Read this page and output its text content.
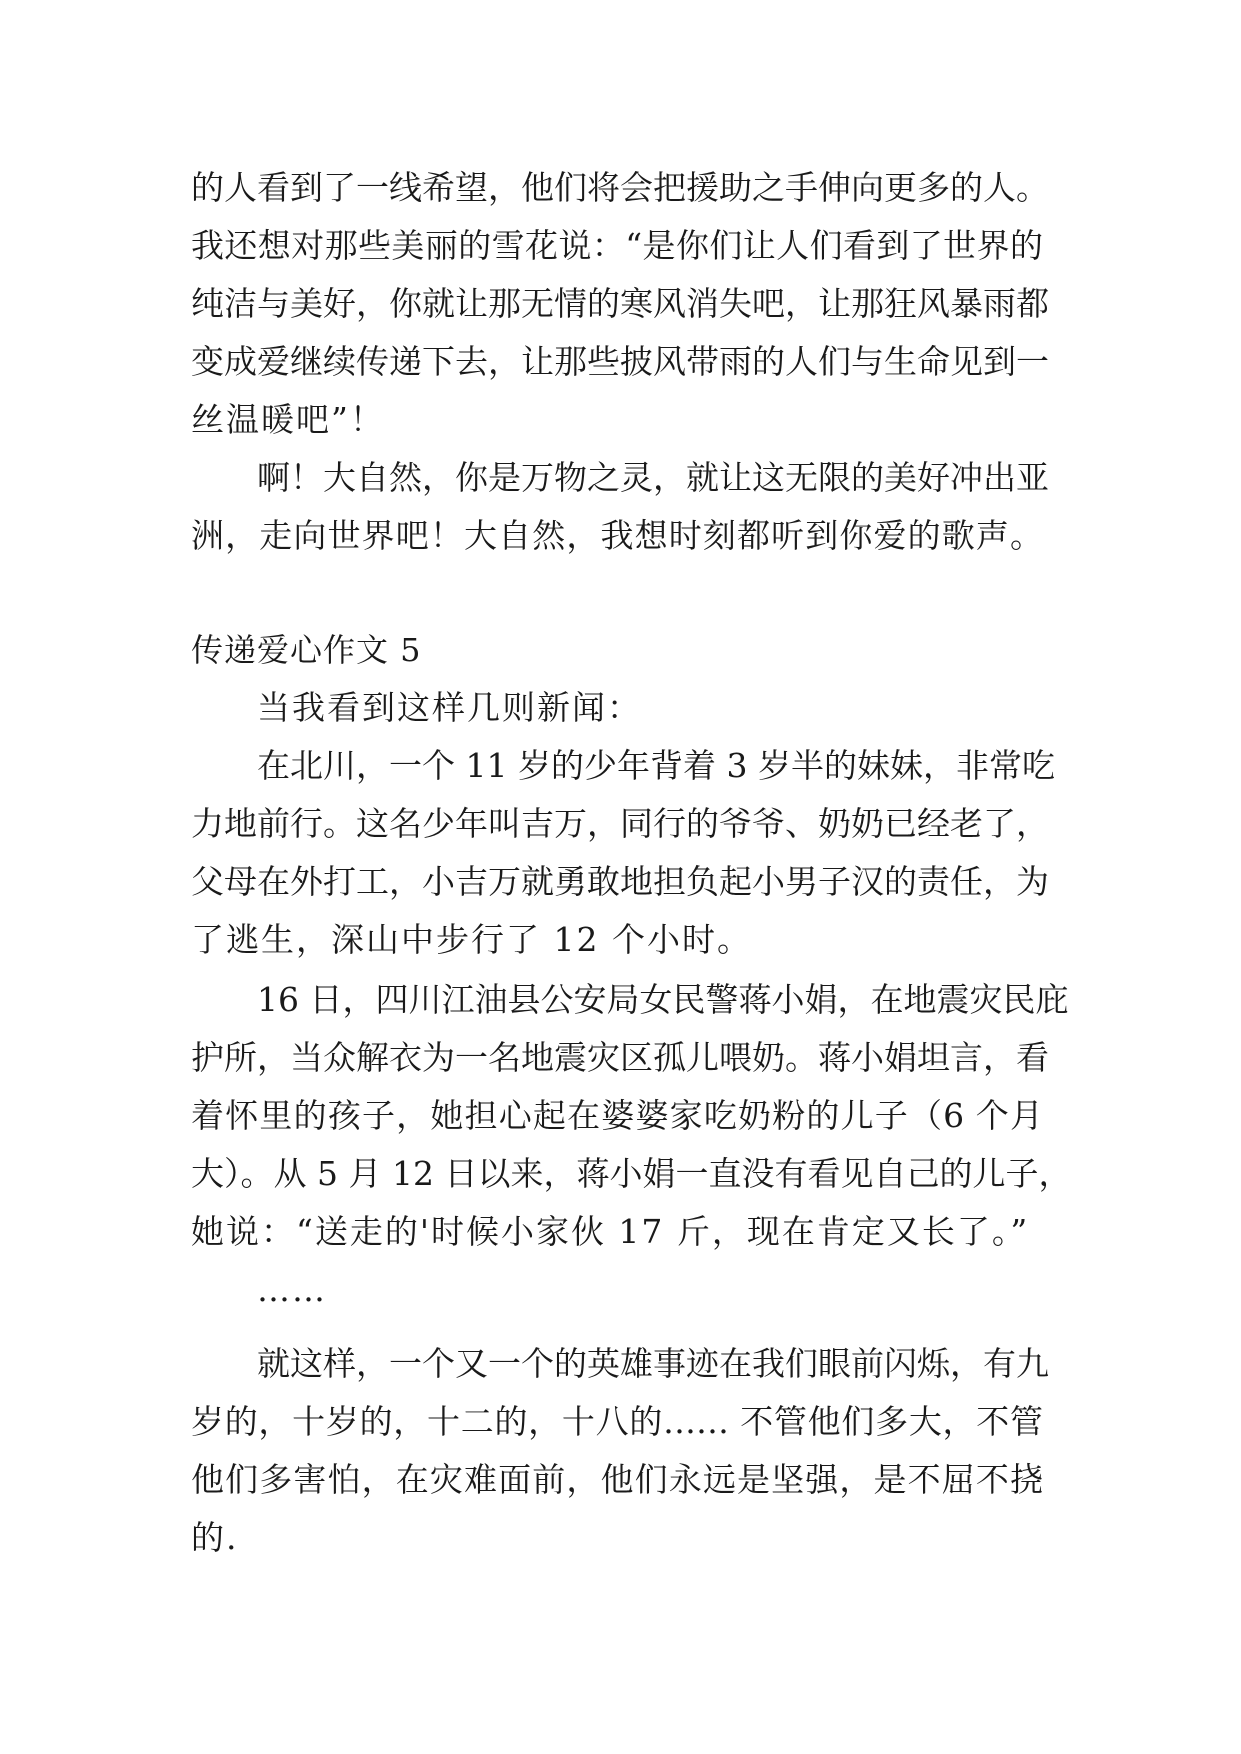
的人看到了一线希望，他们将会把援助之手伸向更多的人。
我还想对那些美丽的雪花说：“是你们让人们看到了世界的
纯洁与美好，你就让那无情的寒风消失吧，让那狂风暴雨都
变成爱继续传递下去，让那些披风带雨的人们与生命见到一
丝温暖吧”！
啊！大自然，你是万物之灵，就让这无限的美好冲出亚
洲，走向世界吧！大自然，我想时刻都听到你爱的歌声。
传递爱心作文 5
当我看到这样几则新闻：
在北川，一个 11 岁的少年背着 3 岁半的妹妹，非常吃
力地前行。这名少年叫吉万，同行的爷爷、奶奶已经老了，
父母在外打工，小吉万就勇敢地担负起小男子汉的责任，为
了逃生，深山中步行了 12 个小时。
16 日，四川江油县公安局女民警蒋小娟，在地震灾民庇
护所，当众解衣为一名地震灾区孤儿喂奶。蒋小娟坦言，看
着怀里的孩子，她担心起在婆婆家吃奶粉的儿子（6 个月
大）。从 5 月 12 日以来，蒋小娟一直没有看见自己的儿子，
她说：“送走的'时候小家伙 17 斤，现在肯定又长了。”
……
就这样，一个又一个的英雄事迹在我们眼前闪烁，有九
岁的，十岁的，十二的，十八的…… 不管他们多大，不管
他们多害怕，在灾难面前，他们永远是坚强，是不屈不挠
的.
